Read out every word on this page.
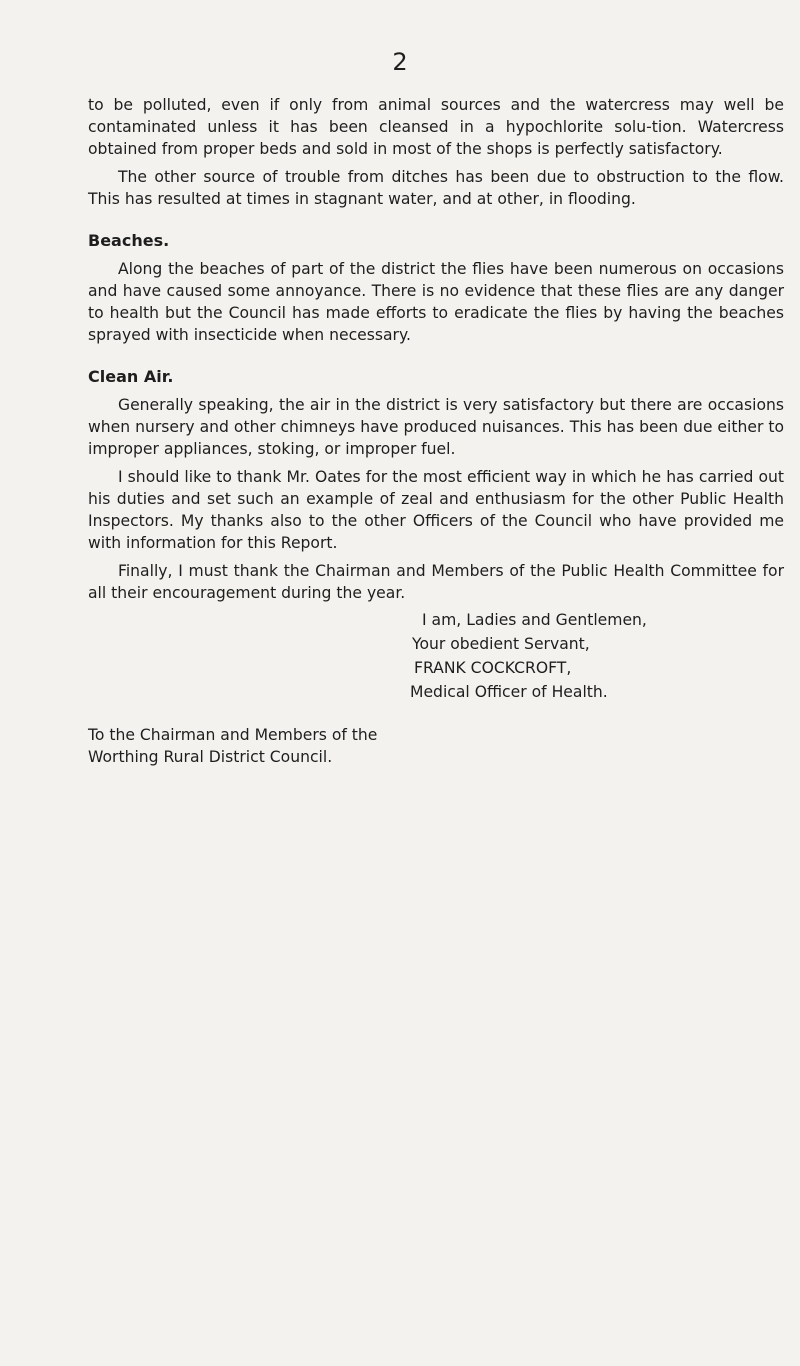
2

to be polluted, even if only from animal sources and the watercress may well be contaminated unless it has been cleansed in a hypochlorite solu-tion. Watercress obtained from proper beds and sold in most of the shops is perfectly satisfactory.

The other source of trouble from ditches has been due to obstruction to the flow. This has resulted at times in stagnant water, and at other, in flooding.

Beaches.

Along the beaches of part of the district the flies have been numerous on occasions and have caused some annoyance. There is no evidence that these flies are any danger to health but the Council has made efforts to eradicate the flies by having the beaches sprayed with insecticide when necessary.

Clean Air.

Generally speaking, the air in the district is very satisfactory but there are occasions when nursery and other chimneys have produced nuisances. This has been due either to improper appliances, stoking, or improper fuel.

I should like to thank Mr. Oates for the most efficient way in which he has carried out his duties and set such an example of zeal and enthusiasm for the other Public Health Inspectors. My thanks also to the other Officers of the Council who have provided me with information for this Report.

Finally, I must thank the Chairman and Members of the Public Health Committee for all their encouragement during the year.

I am, Ladies and Gentlemen,
Your obedient Servant,
FRANK COCKCROFT,
Medical Officer of Health.
To the Chairman and Members of the
Worthing Rural District Council.
